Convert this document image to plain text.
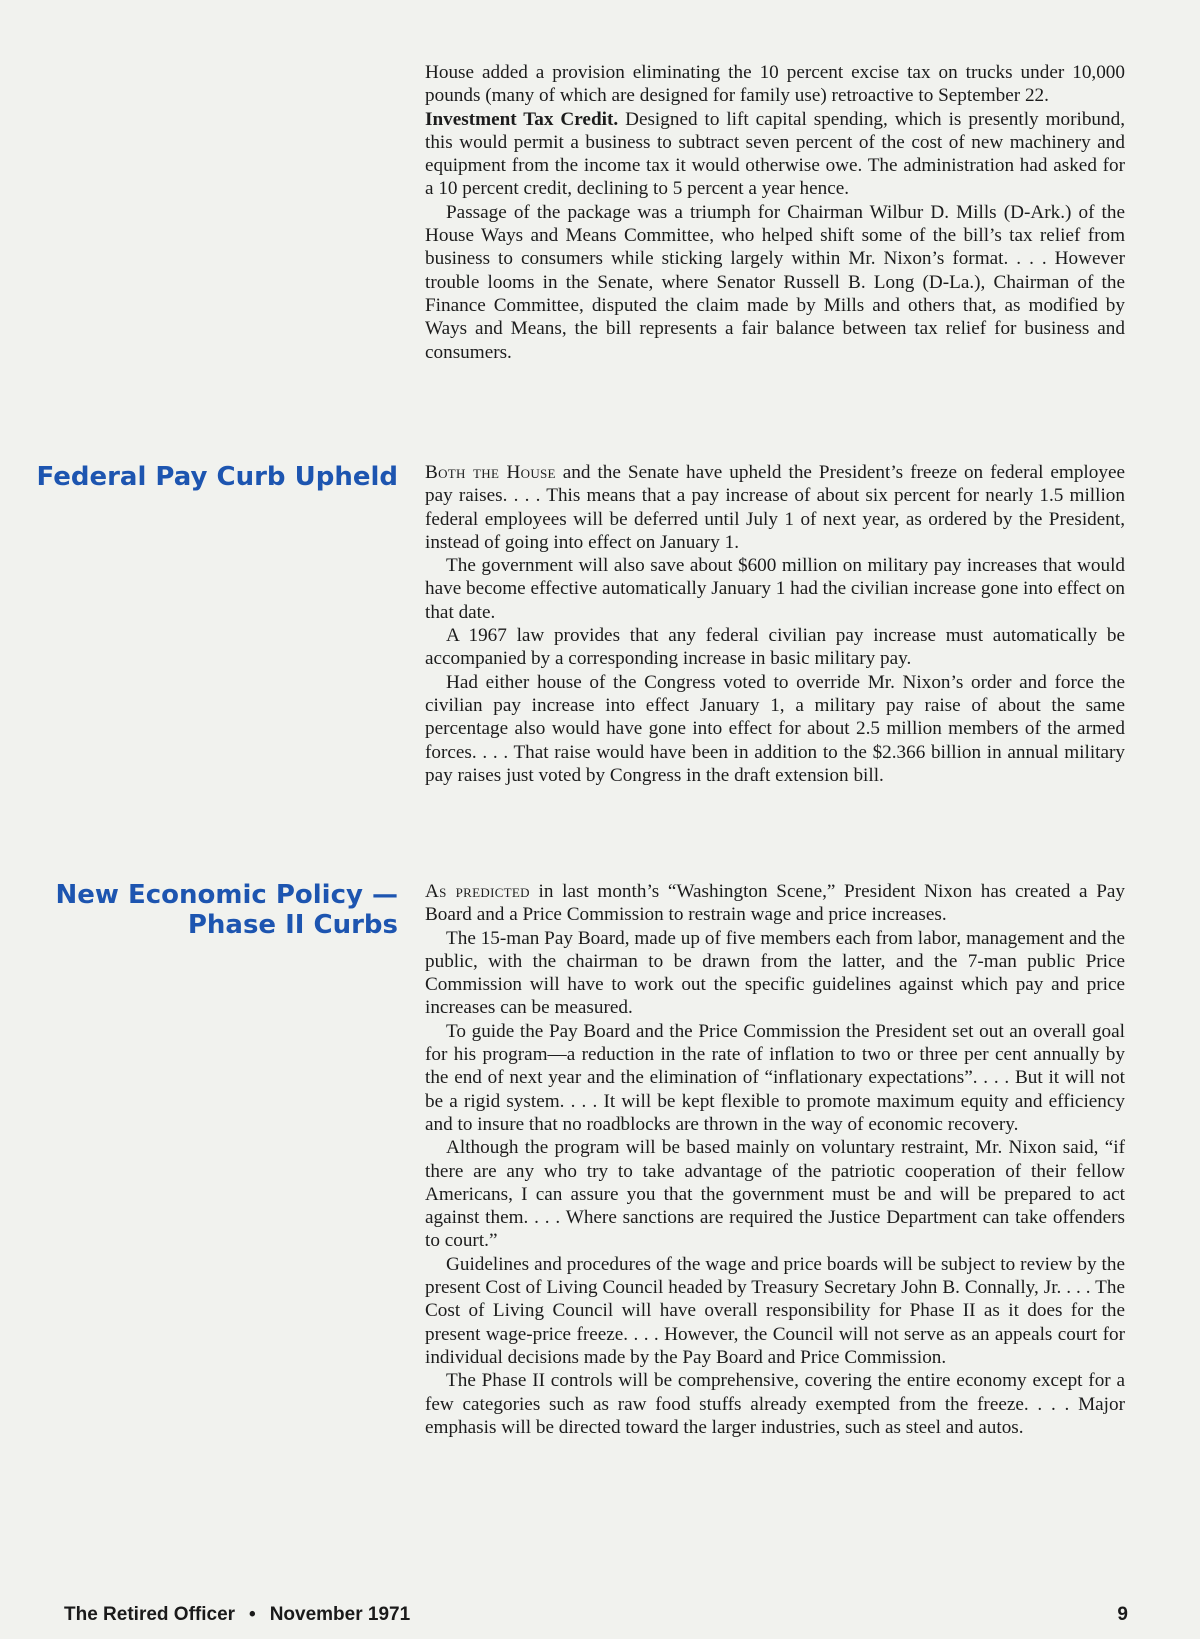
House added a provision eliminating the 10 percent excise tax on trucks under 10,000 pounds (many of which are designed for family use) retroactive to September 22.

Investment Tax Credit. Designed to lift capital spending, which is presently moribund, this would permit a business to subtract seven percent of the cost of new machinery and equipment from the income tax it would otherwise owe. The administration had asked for a 10 percent credit, declining to 5 percent a year hence.

Passage of the package was a triumph for Chairman Wilbur D. Mills (D-Ark.) of the House Ways and Means Committee, who helped shift some of the bill’s tax relief from business to consumers while sticking largely within Mr. Nixon’s format. . . . However trouble looms in the Senate, where Senator Russell B. Long (D-La.), Chairman of the Finance Committee, disputed the claim made by Mills and others that, as modified by Ways and Means, the bill represents a fair balance between tax relief for business and consumers.

Federal Pay Curb Upheld Both the House and the Senate have upheld the President’s freeze on federal employee pay raises. . . . This means that a pay increase of about six percent for nearly 1.5 million federal employees will be deferred until July 1 of next year, as ordered by the President, instead of going into effect on January 1.

The government will also save about $600 million on military pay increases that would have become effective automatically January 1 had the civilian increase gone into effect on that date.

A 1967 law provides that any federal civilian pay increase must automatically be accompanied by a corresponding increase in basic military pay.

Had either house of the Congress voted to override Mr. Nixon’s order and force the civilian pay increase into effect January 1, a military pay raise of about the same percentage also would have gone into effect for about 2.5 million members of the armed forces. . . . That raise would have been in addition to the $2.366 billion in annual military pay raises just voted by Congress in the draft extension bill.

New Economic Policy —
Phase II Curbs

As predicted in last month’s “Washington Scene,” President Nixon has created a Pay Board and a Price Commission to restrain wage and price increases.

The 15-man Pay Board, made up of five members each from labor, management and the public, with the chairman to be drawn from the latter, and the 7-man public Price Commission will have to work out the specific guidelines against which pay and price increases can be measured.

To guide the Pay Board and the Price Commission the President set out an overall goal for his program—a reduction in the rate of inflation to two or three per cent annually by the end of next year and the elimination of “inflationary expectations”. . . . But it will not be a rigid system. . . . It will be kept flexible to promote maximum equity and efficiency and to insure that no roadblocks are thrown in the way of economic recovery.

Although the program will be based mainly on voluntary restraint, Mr. Nixon said, “if there are any who try to take advantage of the patriotic cooperation of their fellow Americans, I can assure you that the government must be and will be prepared to act against them. . . . Where sanctions are required the Justice Department can take offenders to court.”

Guidelines and procedures of the wage and price boards will be subject to review by the present Cost of Living Council headed by Treasury Secretary John B. Connally, Jr. . . . The Cost of Living Council will have overall responsibility for Phase II as it does for the present wage-price freeze. . . . However, the Council will not serve as an appeals court for individual decisions made by the Pay Board and Price Commission.

The Phase II controls will be comprehensive, covering the entire economy except for a few categories such as raw food stuffs already exempted from the freeze. . . . Major emphasis will be directed toward the larger industries, such as steel and autos.

The Retired Officer • November 1971	9
